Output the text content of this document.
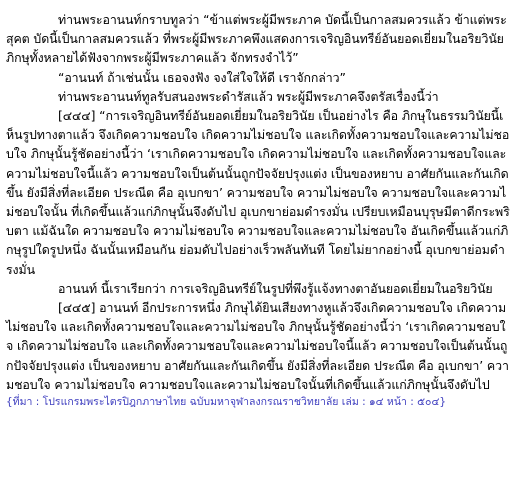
ท่านพระอานนท์กราบทูลว่า “ข้าแต่พระผู้มีพระภาค บัดนี้เป็นกาลสมควรแล้ว ข้าแต่พระสุคต บัดนี้เป็นกาลสมควรแล้ว ที่พระผู้มีพระภาคพึงแสดงการเจริญอินทรีย์อันยอดเยี่ยมในอริยวินัย ภิกษุทั้งหลายได้ฟังจากพระผู้มีพระภาคแล้ว จักทรงจำไว้”

“อานนท์ ถ้าเช่นนั้น เธอจงฟัง จงใส่ใจให้ดี เราจักกล่าว”

ท่านพระอานนท์ทูลรับสนองพระดำรัสแล้ว พระผู้มีพระภาคจึงตรัสเรื่องนี้ว่า

[๔๔๔] “การเจริญอินทรีย์อันยอดเยี่ยมในอริยวินัย เป็นอย่างไร คือ ภิกษุในธรรมวินัยนี้เห็นรูปทางตาแล้ว จึงเกิดความชอบใจ เกิดความไม่ชอบใจ และเกิดทั้งความชอบใจและความไม่ชอบใจ ภิกษุนั้นรู้ชัดอย่างนี้ว่า ‘เราเกิดความชอบใจ เกิดความไม่ชอบใจ และเกิดทั้งความชอบใจและความไม่ชอบใจนี้แล้ว ความชอบใจเป็นต้นนั้นถูกปัจจัยปรุงแต่ง เป็นของหยาบ อาศัยกันและกันเกิดขึ้น ยังมีสิ่งที่ละเอียด ประณีต คือ อุเบกขา’ ความชอบใจ ความไม่ชอบใจ ความชอบใจและความไม่ชอบใจนั้น ที่เกิดขึ้นแล้วแก่ภิกษุนั้นจึงดับไป อุเบกขาย่อมดำรงมั่น เปรียบเหมือนบุรุษมีตาดีกระพริบตา แม้ฉันใด ความชอบใจ ความไม่ชอบใจ ความชอบใจและความไม่ชอบใจ อันเกิดขึ้นแล้วแก่ภิกษุรูปใดรูปหนึ่ง ฉันนั้นเหมือนกัน ย่อมดับไปอย่างเร็วพลันทันที โดยไม่ยากอย่างนี้ อุเบกขาย่อมดำรงมั่น

อานนท์ นี้เราเรียกว่า การเจริญอินทรีย์ในรูปที่พึงรู้แจ้งทางตาอันยอดเยี่ยมในอริยวินัย

[๔๔๕] อานนท์ อีกประการหนึ่ง ภิกษุได้ยินเสียงทางหูแล้วจึงเกิดความชอบใจ เกิดความไม่ชอบใจ และเกิดทั้งความชอบใจและความไม่ชอบใจ ภิกษุนั้นรู้ชัดอย่างนี้ว่า ‘เราเกิดความชอบใจ เกิดความไม่ชอบใจ และเกิดทั้งความชอบใจและความไม่ชอบใจนี้แล้ว ความชอบใจเป็นต้นนั้นถูกปัจจัยปรุงแต่ง เป็นของหยาบ อาศัยกันและกันเกิดขึ้น ยังมีสิ่งที่ละเอียด ประณีต คือ อุเบกขา’ ความชอบใจ ความไม่ชอบใจ ความชอบใจและความไม่ชอบใจนั้นที่เกิดขึ้นแล้วแก่ภิกษุนั้นจึงดับไป

{ที่มา : โปรแกรมพระไตรปิฎกภาษาไทย ฉบับมหาจุฬาลงกรณราชวิทยาลัย เล่ม : ๑๔ หน้า : ๕๐๔}
